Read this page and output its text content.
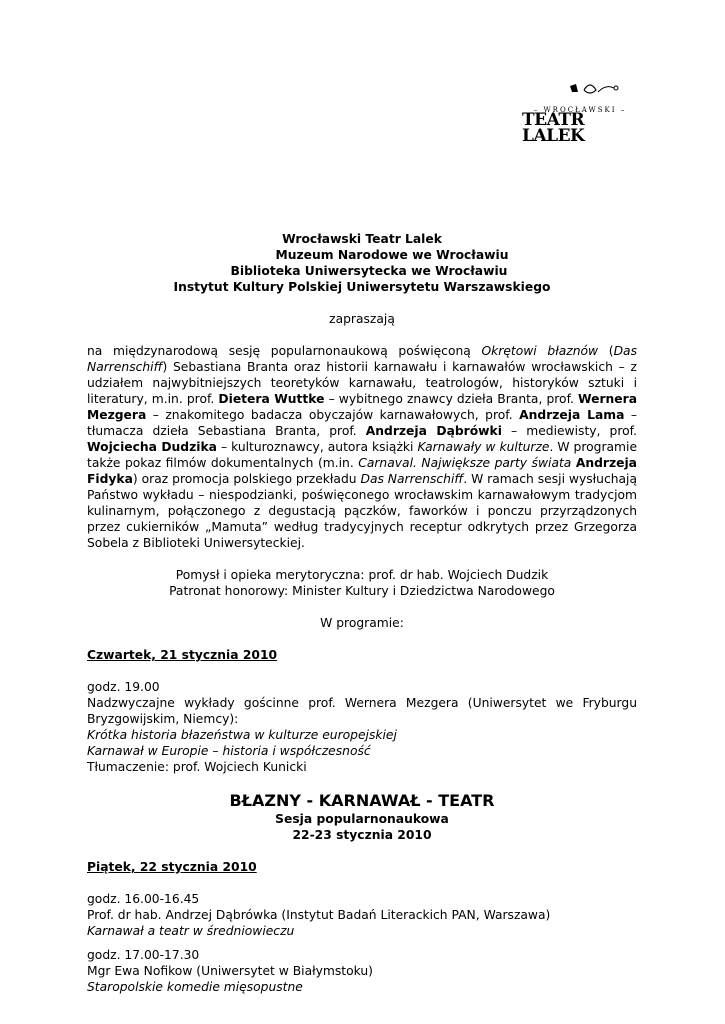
– WROCŁAWSKI –
TEATR LALEK

Wrocławski Teatr Lalek

Muzeum Narodowe we Wrocławiu

Biblioteka Uniwersytecka we Wrocławiu

Instytut Kultury Polskiej Uniwersytetu Warszawskiego

zapraszają

na międzynarodową sesję popularnonaukową poświęconą Okrętowi błaznów (Das Narrenschiff) Sebastiana Branta oraz historii karnawału i karnawałów wrocławskich – z udziałem najwybitniejszych teoretyków karnawału, teatrologów, historyków sztuki i literatury, m.in. prof. Dietera Wuttke – wybitnego znawcy dzieła Branta, prof. Wernera Mezgera – znakomitego badacza obyczajów karnawałowych, prof. Andrzeja Lama – tłumacza dzieła Sebastiana Branta, prof. Andrzeja Dąbrówki – mediewisty, prof. Wojciecha Dudzika – kulturoznawcy, autora książki Karnawały w kulturze. W programie także pokaz filmów dokumentalnych (m.in. Carnaval. Największe party świata Andrzeja Fidyka) oraz promocja polskiego przekładu Das Narrenschiff. W ramach sesji wysłuchają Państwo wykładu – niespodzianki, poświęconego wrocławskim karnawałowym tradycjom kulinarnym, połączonego z degustacją pączków, faworków i ponczu przyrządzonych przez cukierników „Mamuta” według tradycyjnych receptur odkrytych przez Grzegorza Sobela z Biblioteki Uniwersyteckiej.

Pomysł i opieka merytoryczna: prof. dr hab. Wojciech Dudzik

Patronat honorowy: Minister Kultury i Dziedzictwa Narodowego

W programie:

Czwartek, 21 stycznia 2010

godz. 19.00

Nadzwyczajne wykłady gościnne prof. Wernera Mezgera (Uniwersytet we Fryburgu Bryzgowijskim, Niemcy):

Krótka historia błazeństwa w kulturze europejskiej

Karnawał w Europie – historia i współczesność

Tłumaczenie: prof. Wojciech Kunicki

BŁAZNY - KARNAWAŁ - TEATR

Sesja popularnonaukowa

22-23 stycznia 2010

Piątek, 22 stycznia 2010

godz. 16.00-16.45

Prof. dr hab. Andrzej Dąbrówka (Instytut Badań Literackich PAN, Warszawa)

Karnawał a teatr w średniowieczu

godz. 17.00-17.30

Mgr Ewa Nofikow (Uniwersytet w Białymstoku)

Staropolskie komedie mięsopustne
